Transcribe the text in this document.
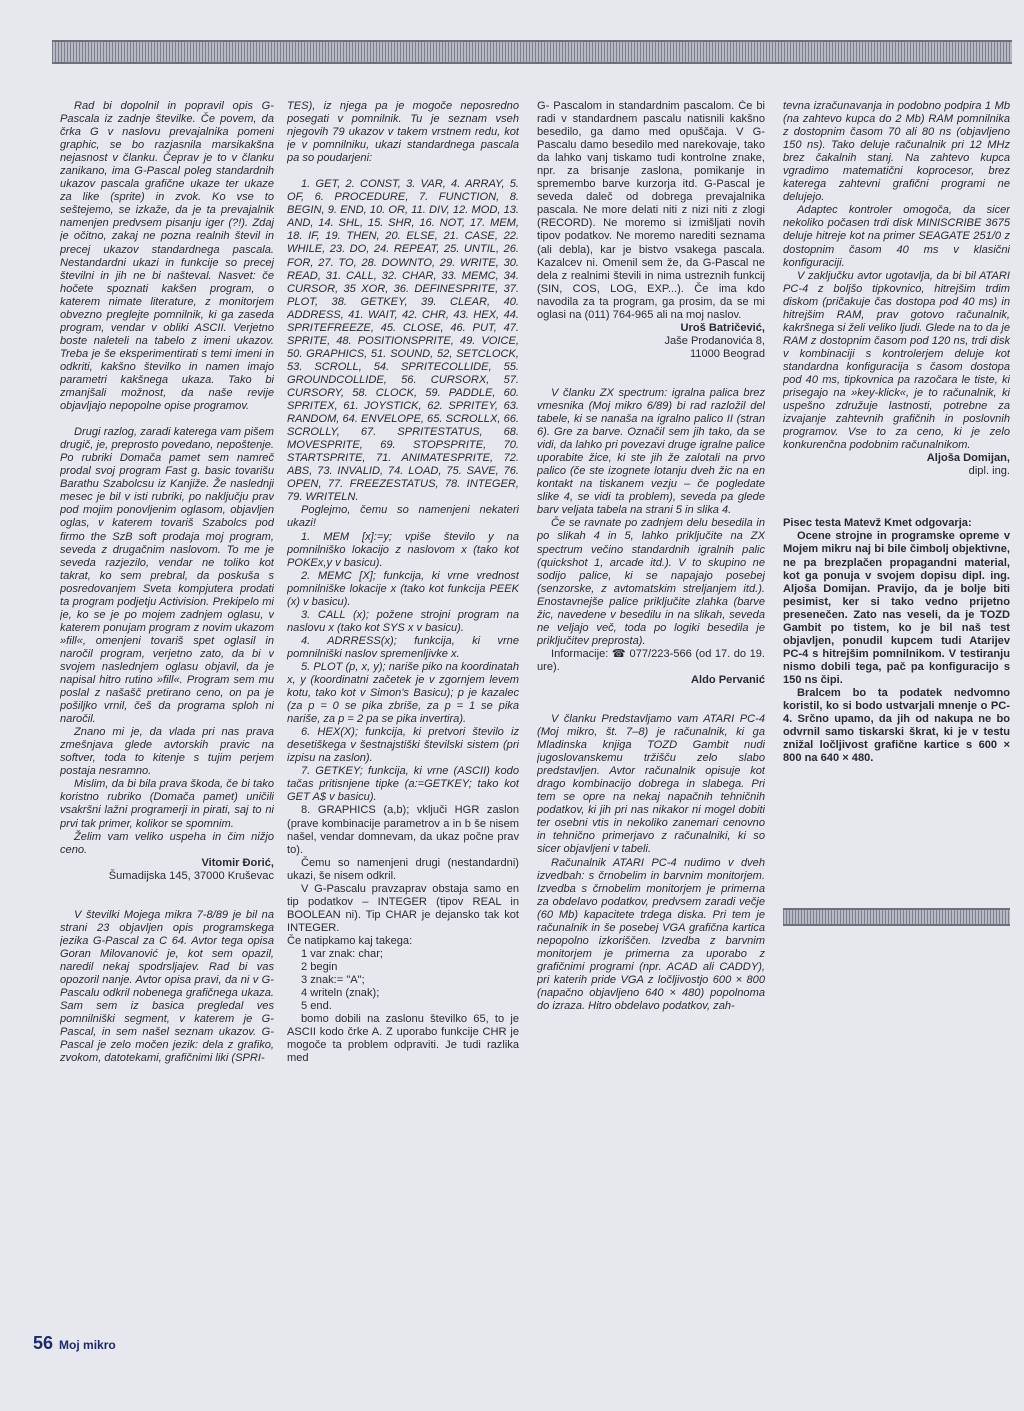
Rad bi dopolnil in popravil opis G-Pascala iz zadnje številke. Če povem, da črka G v naslovu prevajalnika pomeni graphic, se bo razjasnila marsikakšna nejasnost v članku. Čeprav je to v članku zanikano, ima G-Pascal poleg standardnih ukazov pascala grafične ukaze ter ukaze za like (sprite) in zvok. Ko vse to seštejemo, se izkaže, da je ta prevajalnik namenjen predvsem pisanju iger (?!). Zdaj je očitno, zakaj ne pozna realnih števil in precej ukazov standardnega pascala. Nestandardni ukazi in funkcije so precej številni in jih ne bi našteval. Nasvet: če hočete spoznati kakšen program, o katerem nimate literature, z monitorjem obvezno preglejte pomnilnik, ki ga zaseda program, vendar v obliki ASCII. Verjetno boste naleteli na tabelo z imeni ukazov. Treba je še eksperimentirati s temi imeni in odkriti, kakšno številko in namen imajo parametri kakšnega ukaza. Tako bi zmanjšali možnost, da naše revije objavljajo nepopolne opise programov.

Drugi razlog, zaradi katerega vam pišem drugič, je, preprosto povedano, nepoštenje. Po rubriki Domača pamet sem namreč prodal svoj program Fast g. basic tovarišu Barathu Szabolcsu iz Kanjiže. Že naslednji mesec je bil v isti rubriki, po naključju prav pod mojim ponovljenim oglasom, objavljen oglas, v katerem tovariš Szabolcs pod firmo the SzB soft prodaja moj program, seveda z drugačnim naslovom. To me je seveda razjezilo, vendar ne toliko kot takrat, ko sem prebral, da poskuša s posredovanjem Sveta kompjutera prodati ta program podjetju Activision. Prekipelo mi je, ko se je po mojem zadnjem oglasu, v katerem ponujam program z novim ukazom »fill«, omenjeni tovariš spet oglasil in naročil program, verjetno zato, da bi v svojem naslednjem oglasu objavil, da je napisal hitro rutino »fill«. Program sem mu poslal z našašč pretirano ceno, on pa je pošiljko vrnil, češ da programa sploh ni naročil.

Znano mi je, da vlada pri nas prava zmešnjava glede avtorskih pravic na softver, toda to kitenje s tujim perjem postaja nesramno.

Mislim, da bi bila prava škoda, če bi tako koristno rubriko (Domača pamet) uničili vsakršni lažni programerji in pirati, saj to ni prvi tak primer, kolikor se spomnim.

Želim vam veliko uspeha in čim nižjo ceno.

Vitomir Đorić,

Šumadijska 145, 37000 Kruševac

V številki Mojega mikra 7-8/89 je bil na strani 23 objavljen opis programskega jezika G-Pascal za C 64. Avtor tega opisa Goran Milovanović je, kot sem opazil, naredil nekaj spodrsljajev. Rad bi vas opozoril nanje. Avtor opisa pravi, da ni v G-Pascalu odkril nobenega grafičnega ukaza. Sam sem iz basica pregledal ves pomnilniški segment, v katerem je G-Pascal, in sem našel seznam ukazov. G-Pascal je zelo močen jezik: dela z grafiko, zvokom, datotekami, grafičnimi liki (SPRI-

TES), iz njega pa je mogoče neposredno posegati v pomnilnik. Tu je seznam vseh njegovih 79 ukazov v takem vrstnem redu, kot je v pomnilniku, ukazi standardnega pascala pa so poudarjeni:

1. GET, 2. CONST, 3. VAR, 4. ARRAY, 5. OF, 6. PROCEDURE, 7. FUNCTION, 8. BEGIN, 9. END, 10. OR, 11. DIV, 12. MOD, 13. AND, 14. SHL, 15. SHR, 16. NOT, 17. MEM, 18. IF, 19. THEN, 20. ELSE, 21. CASE, 22. WHILE, 23. DO, 24. REPEAT, 25. UNTIL, 26. FOR, 27. TO, 28. DOWNTO, 29. WRITE, 30. READ, 31. CALL, 32. CHAR, 33. MEMC, 34. CURSOR, 35 XOR, 36. DEFINESPRITE, 37. PLOT, 38. GETKEY, 39. CLEAR, 40. ADDRESS, 41. WAIT, 42. CHR, 43. HEX, 44. SPRITEFREEZE, 45. CLOSE, 46. PUT, 47. SPRITE, 48. POSITIONSPRITE, 49. VOICE, 50. GRAPHICS, 51. SOUND, 52, SETCLOCK, 53. SCROLL, 54. SPRITECOLLIDE, 55. GROUNDCOLLIDE, 56. CURSORX, 57. CURSORY, 58. CLOCK, 59. PADDLE, 60. SPRITEX, 61. JOYSTICK, 62. SPRITEY, 63. RANDOM, 64. ENVELOPE, 65. SCROLLX, 66. SCROLLY, 67. SPRITESTATUS, 68. MOVESPRITE, 69. STOPSPRITE, 70. STARTSPRITE, 71. ANIMATESPRITE, 72. ABS, 73. INVALID, 74. LOAD, 75. SAVE, 76. OPEN, 77. FREEZESTATUS, 78. INTEGER, 79. WRITELN.

Poglejmo, čemu so namenjeni nekateri ukazi!

1. MEM [x]:=y; vpiše število y na pomnilniško lokacijo z naslovom x (tako kot POKEx,y v basicu).

2. MEMC [X]; funkcija, ki vrne vrednost pomnilniške lokacije x (tako kot funkcija PEEK (x) v basicu).

3. CALL (x); požene strojni program na naslovu x (tako kot SYS x v basicu).

4. ADRRESS(x); funkcija, ki vrne pomnilniški naslov spremenljivke x.

5. PLOT (p, x, y); nariše piko na koordinatah x, y (koordinatni začetek je v zgornjem levem kotu, tako kot v Simon's Basicu); p je kazalec (za p = 0 se pika zbriše, za p = 1 se pika nariše, za p = 2 pa se pika invertira).

6. HEX(X); funkcija, ki pretvori število iz desetiškega v šestnajstiški številski sistem (pri izpisu na zaslon).

7. GETKEY; funkcija, ki vrne (ASCII) kodo tačas pritisnjene tipke (a:=GETKEY; tako kot GET A$ v basicu).

8. GRAPHICS (a,b); vključi HGR zaslon (prave kombinacije parametrov a in b še nisem našel, vendar domnevam, da ukaz počne prav to).

Čemu so namenjeni drugi (nestandardni) ukazi, še nisem odkril.

V G-Pascalu pravzaprav obstaja samo en tip podatkov – INTEGER (tipov REAL in BOOLEAN ni). Tip CHAR je dejansko tak kot INTEGER.

Če natipkamo kaj takega:

1 var znak: char;

2 begin

3 znak:= "A";

4 writeln (znak);

5 end.

bomo dobili na zaslonu številko 65, to je ASCII kodo črke A. Z uporabo funkcije CHR je mogoče ta problem odpraviti. Je tudi razlika med

G- Pascalom in standardnim pascalom. Če bi radi v standardnem pascalu natisnili kakšno besedilo, ga damo med opuščaja. V G-Pascalu damo besedilo med narekovaje, tako da lahko vanj tiskamo tudi kontrolne znake, npr. za brisanje zaslona, pomikanje in spremembo barve kurzorja itd. G-Pascal je seveda daleč od dobrega prevajalnika pascala. Ne more delati niti z nizi niti z zlogi (RECORD). Ne moremo si izmišljati novih tipov podatkov. Ne moremo narediti seznama (ali debla), kar je bistvo vsakega pascala. Kazalcev ni. Omenil sem že, da G-Pascal ne dela z realnimi števili in nima ustreznih funkcij (SIN, COS, LOG, EXP...). Če ima kdo navodila za ta program, ga prosim, da se mi oglasi na (011) 764-965 ali na moj naslov.

Uroš Batričević,

Jaše Prodanovića 8,

11000 Beograd

V članku ZX spectrum: igralna palica brez vmesnika (Moj mikro 6/89) bi rad razložil del tabele, ki se nanaša na igralno palico II (stran 6). Gre za barve. Označil sem jih tako, da se vidi, da lahko pri povezavi druge igralne palice uporabite žice, ki ste jih že zalotali na prvo palico (če ste izognete lotanju dveh žic na en kontakt na tiskanem vezju – če pogledate slike 4, se vidi ta problem), seveda pa glede barv veljata tabela na strani 5 in slika 4.

Če se ravnate po zadnjem delu besedila in po slikah 4 in 5, lahko priključite na ZX spectrum večino standardnih igralnih palic (quickshot 1, arcade itd.). V to skupino ne sodijo palice, ki se napajajo posebej (senzorske, z avtomatskim streljanjem itd.). Enostavnejše palice priključite zlahka (barve žic, navedene v besedilu in na slikah, seveda ne veljajo več, toda po logiki besedila je priključitev preprosta).

Informacije: ☎ 077/223-566 (od 17. do 19. ure).

Aldo Pervanić

V članku Predstavljamo vam ATARI PC-4 (Moj mikro, št. 7–8) je računalnik, ki ga Mladinska knjiga TOZD Gambit nudi jugoslovanskemu tržišču zelo slabo predstavljen. Avtor računalnik opisuje kot drago kombinacijo dobrega in slabega. Pri tem se opre na nekaj napačnih tehničnih podatkov, ki jih pri nas nikakor ni mogel dobiti ter osebni vtis in nekoliko zanemari cenovno in tehnično primerjavo z računalniki, ki so sicer objavljeni v tabeli.

Računalnik ATARI PC-4 nudimo v dveh izvedbah: s črnobelim in barvnim monitorjem. Izvedba s črnobelim monitorjem je primerna za obdelavo podatkov, predvsem zaradi večje (60 Mb) kapacitete trdega diska. Pri tem je računalnik in še posebej VGA grafična kartica nepopolno izkoriščen. Izvedba z barvnim monitorjem je primerna za uporabo z grafičnimi programi (npr. ACAD ali CADDY), pri katerih pride VGA z ločljivostjo 600 × 800 (napačno objavljeno 640 × 480) popolnoma do izraza. Hitro obdelavo podatkov, zah-

tevna izračunavanja in podobno podpira 1 Mb (na zahtevo kupca do 2 Mb) RAM pomnilnika z dostopnim časom 70 ali 80 ns (objavljeno 150 ns). Tako deluje računalnik pri 12 MHz brez čakalnih stanj. Na zahtevo kupca vgradimo matematični koprocesor, brez katerega zahtevni grafični programi ne delujejo.

Adaptec kontroler omogoča, da sicer nekoliko počasen trdi disk MINISCRIBE 3675 deluje hitreje kot na primer SEAGATE 251/0 z dostopnim časom 40 ms v klasični konfiguraciji.

V zaključku avtor ugotavlja, da bi bil ATARI PC-4 z boljšo tipkovnico, hitrejšim trdim diskom (pričakuje čas dostopa pod 40 ms) in hitrejšim RAM, prav gotovo računalnik, kakršnega si želi veliko ljudi. Glede na to da je RAM z dostopnim časom pod 120 ns, trdi disk v kombinaciji s kontrolerjem deluje kot standardna konfiguracija s časom dostopa pod 40 ms, tipkovnica pa razočara le tiste, ki prisegajo na »key-klick«, je to računalnik, ki uspešno združuje lastnosti, potrebne za izvajanje zahtevnih grafičnih in poslovnih programov. Vse to za ceno, ki je zelo konkurenčna podobnim računalnikom.

Aljoša Domijan,

dipl. ing.

Pisec testa Matevž Kmet odgovarja:

Ocene strojne in programske opreme v Mojem mikru naj bi bile čimbolj objektivne, ne pa brezplačen propagandni material, kot ga ponuja v svojem dopisu dipl. ing. Aljoša Domijan. Pravijo, da je bolje biti pesimist, ker si tako vedno prijetno presenečen. Zato nas veseli, da je TOZD Gambit po tistem, ko je bil naš test objavljen, ponudil kupcem tudi Atarijev PC-4 s hitrejšim pomnilnikom. V testiranju nismo dobili tega, pač pa konfiguracijo s 150 ns čipi.

Bralcem bo ta podatek nedvomno koristil, ko si bodo ustvarjali mnenje o PC-4. Srčno upamo, da jih od nakupa ne bo odvrnil samo tiskarski škrat, ki je v testu znižal ločljivost grafične kartice s 600 × 800 na 640 × 480.

56 Moj mikro
